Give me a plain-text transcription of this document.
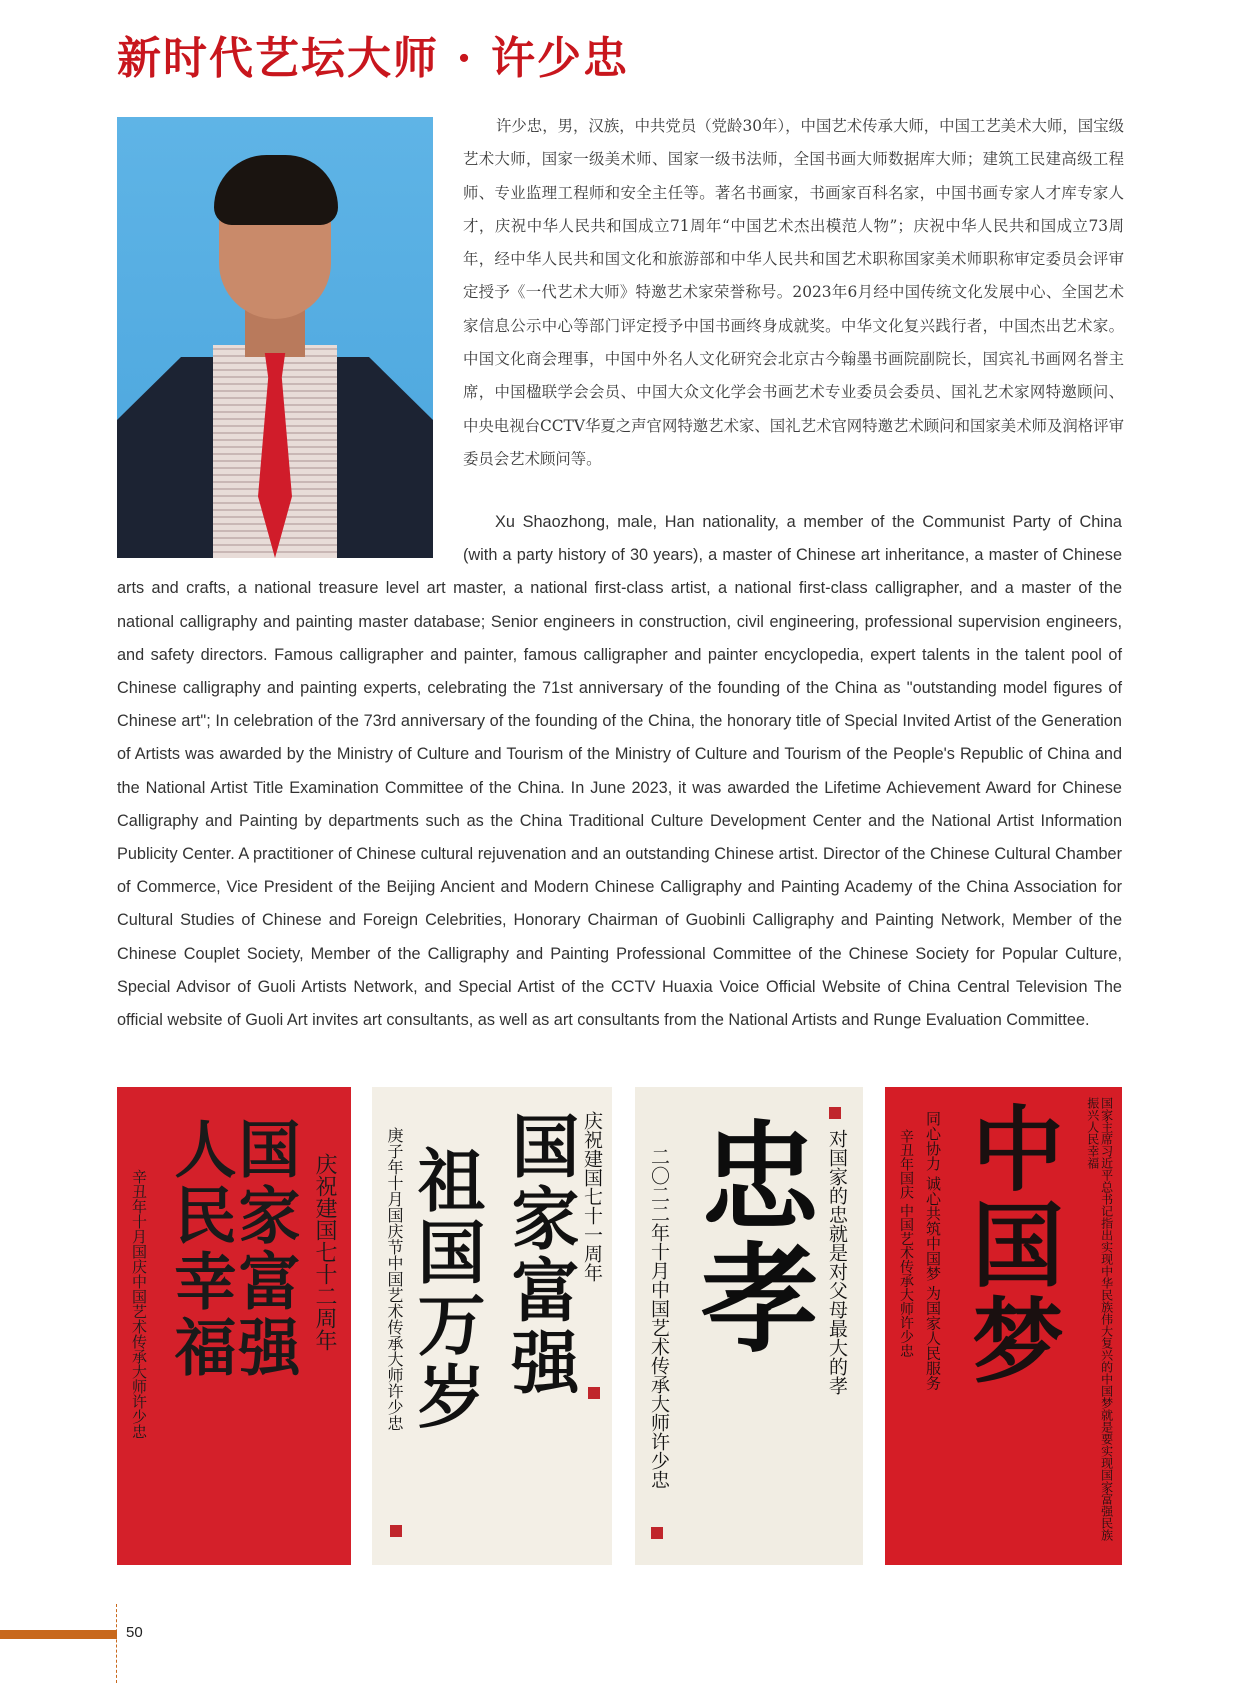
新时代艺坛大师 · 许少忠

许少忠，男，汉族，中共党员（党龄30年），中国艺术传承大师，中国工艺美术大师，国宝级艺术大师，国家一级美术师、国家一级书法师，全国书画大师数据库大师；建筑工民建高级工程师、专业监理工程师和安全主任等。著名书画家，书画家百科名家，中国书画专家人才库专家人才，庆祝中华人民共和国成立71周年“中国艺术杰出模范人物”；庆祝中华人民共和国成立73周年，经中华人民共和国文化和旅游部和中华人民共和国艺术职称国家美术师职称审定委员会评审定授予《一代艺术大师》特邀艺术家荣誉称号。2023年6月经中国传统文化发展中心、全国艺术家信息公示中心等部门评定授予中国书画终身成就奖。中华文化复兴践行者，中国杰出艺术家。中国文化商会理事，中国中外名人文化研究会北京古今翰墨书画院副院长，国宾礼书画网名誉主席，中国楹联学会会员、中国大众文化学会书画艺术专业委员会委员、国礼艺术家网特邀顾问、中央电视台CCTV华夏之声官网特邀艺术家、国礼艺术官网特邀艺术顾问和国家美术师及润格评审委员会艺术顾问等。

Xu Shaozhong, male, Han nationality, a member of the Communist Party of China (with a party history of 30 years), a master of Chinese art inheritance, a master of Chinese arts and crafts, a national treasure level art master, a national first-class artist, a national first-class calligrapher, and a master of the national calligraphy and painting master database; Senior engineers in construction, civil engineering, professional supervision engineers, and safety directors. Famous calligrapher and painter, famous calligrapher and painter encyclopedia, expert talents in the talent pool of Chinese calligraphy and painting experts, celebrating the 71st anniversary of the founding of the China as "outstanding model figures of Chinese art"; In celebration of the 73rd anniversary of the founding of the China, the honorary title of Special Invited Artist of the Generation of Artists was awarded by the Ministry of Culture and Tourism of the Ministry of Culture and Tourism of the People's Republic of China and the National Artist Title Examination Committee of the China. In June 2023, it was awarded the Lifetime Achievement Award for Chinese Calligraphy and Painting by departments such as the China Traditional Culture Development Center and the National Artist Information Publicity Center. A practitioner of Chinese cultural rejuvenation and an outstanding Chinese artist. Director of the Chinese Cultural Chamber of Commerce, Vice President of the Beijing Ancient and Modern Chinese Calligraphy and Painting Academy of the China Association for Cultural Studies of Chinese and Foreign Celebrities, Honorary Chairman of Guobinli Calligraphy and Painting Network, Member of the Chinese Couplet Society, Member of the Calligraphy and Painting Professional Committee of the Chinese Society for Popular Culture, Special Advisor of Guoli Artists Network, and Special Artist of the CCTV Huaxia Voice Official Website of China Central Television The official website of Guoli Art invites art consultants, as well as art consultants from the National Artists and Runge Evaluation Committee.

国家富强
人民幸福	庆祝建国七十二周年
辛丑年十月国庆中国艺术传承大师许少忠	国家富强
祖国万岁	庆祝建国七十一周年
庚子年十月国庆节中国艺术传承大师许少忠 忠孝 对国家的忠就是对父母最大的孝
二〇二二年十月中国艺术传承大师许少忠	中国梦	国家主席习近平总书记指出实现中华民族伟大复兴的中国梦就是要实现国家富强民族振兴人民幸福
同心协力 诚心共筑中国梦 为国家人民服务
辛丑年国庆 中国艺术传承大师许少忠
50
